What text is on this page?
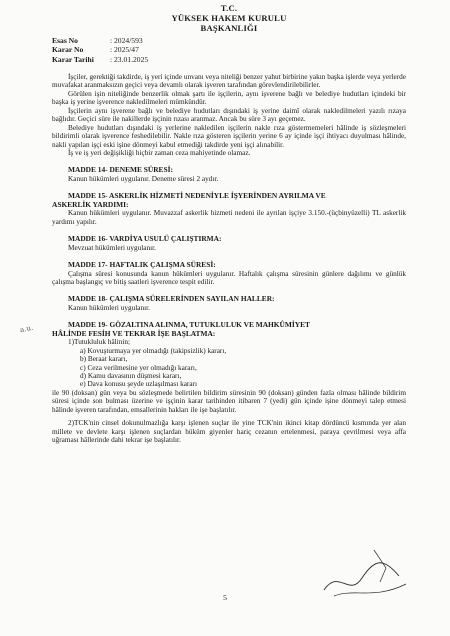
T.C.
YÜKSEK HAKEM KURULU
BAŞKANLIĞI
Esas No	: 2024/593
Karar No	: 2025/47
Karar Tarihi	: 23.01.2025
İşçiler, gerektiği takdirde, iş yeri içinde unvanı veya niteliği benzer yahut birbirine yakın başka işlerde veya yerlerde muvafakat aranmaksızın geçici veya devamlı olarak işveren tarafından görevlendirilebilirler.
Görülen işin niteliğinde benzerlik olmak şartı ile işçilerin, aynı işverene bağlı ve belediye hudutları içindeki bir başka iş yerine işverence nakledilmeleri mümkündür.
İşçilerin aynı işverene bağlı ve belediye hudutları dışındaki iş yerine daimî olarak nakledilmeleri yazılı rızaya bağlıdır. Geçici süre ile nakillerde işçinin rızası aranmaz. Ancak bu süre 3 ayı geçemez.
Belediye hudutları dışındaki iş yerlerine nakledilen işçilerin nakle rıza göstermemeleri hâlinde iş sözleşmeleri bildirimli olarak işverence feshedilebilir. Nakle rıza gösteren işçilerin yerine 6 ay içinde işçi ihtiyacı duyulması hâlinde, nakli yapılan işçi eski işine dönmeyi kabul etmediği takdirde yeni işçi alınabilir.
İş ve iş yeri değişikliği hiçbir zaman ceza mahiyetinde olamaz.
MADDE 14- DENEME SÜRESİ:
Kanun hükümleri uygulanır. Deneme süresi 2 aydır.
MADDE 15- ASKERLİK HİZMETİ NEDENİYLE İŞYERİNDEN AYRILMA VE
ASKERLİK YARDIMI:
Kanun hükümleri uygulanır. Muvazzaf askerlik hizmeti nedeni ile ayrılan işçiye 3.150.-(üçbinyüzelli) TL askerlik yardımı yapılır.
MADDE 16- VARDİYA USULÜ ÇALIŞTIRMA:
Mevzuat hükümleri uygulanır.
MADDE 17- HAFTALIK ÇALIŞMA SÜRESİ:
Çalışma süresi konusunda kanun hükümleri uygulanır. Haftalık çalışma süresinin günlere dağılımı ve günlük çalışma başlangıç ve bitiş saatleri işverence tespit edilir.
MADDE 18- ÇALIŞMA SÜRELERİNDEN SAYILAN HALLER:
Kanun hükümleri uygulanır.
MADDE 19- GÖZALTINA ALINMA, TUTUKLULUK VE MAHKÛMİYET
HÂLİNDE FESİH VE TEKRAR İŞE BAŞLATMA:
1)Tutukluluk hâlinin;
a) Kovuşturmaya yer olmadığı (takipsizlik) kararı,
b) Beraat kararı,
c) Ceza verilmesine yer olmadığı kararı,
d) Kamu davasının düşmesi kararı,
e) Dava konusu şeyde uzlaşılması kararı
ile 90 (doksan) gün veya bu sözleşmede belirtilen bildirim süresinin 90 (doksan) günden fazla olması hâlinde bildirim süresi içinde son bulması üzerine ve işçinin karar tarihinden itibaren 7 (yedi) gün içinde işine dönmeyi talep etmesi hâlinde işveren tarafından, emsallerinin hakları ile işe başlatılır.
2)TCK'nin cinsel dokunulmazlığa karşı işlenen suçlar ile yine TCK'nin ikinci kitap dördüncü kısmında yer alan millete ve devlete karşı işlenen suçlardan hüküm giyenler hariç cezanın ertelenmesi, paraya çevrilmesi veya affa uğraması hâllerinde dahi tekrar işe başlatılır.
a.u.
5
